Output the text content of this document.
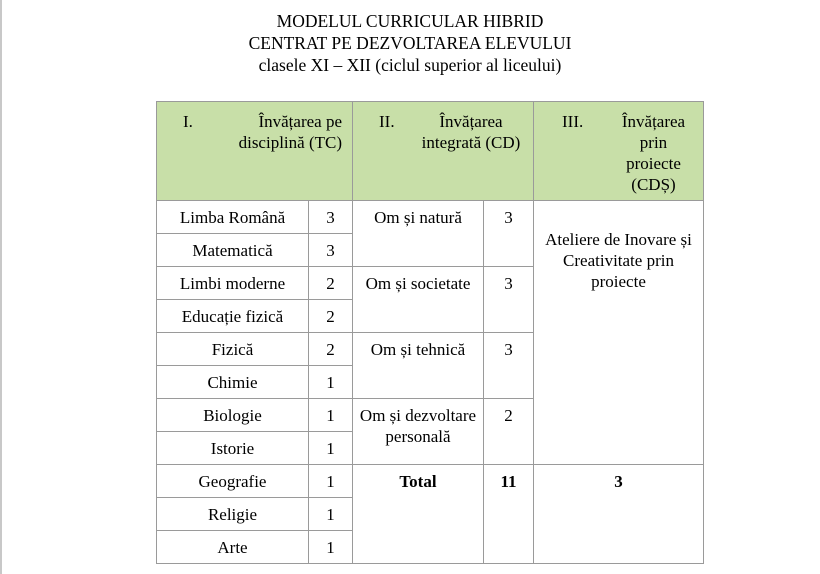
MODELUL CURRICULAR HIBRID
CENTRAT PE DEZVOLTAREA ELEVULUI
clasele XI – XII (ciclul superior al liceului)
I. Învățarea pe disciplină (TC)		II. Învățarea integrată (CD)		III. Învățarea prin proiecte (CDȘ)

Limba Română	3	Om și natură	3	Ateliere de Inovare și Creativitate prin proiecte

Matematică	3			

Limbi moderne	2	Om și societate	3	

Educație fizică	2			

Fizică	2	Om și tehnică	3	

Chimie	1			

Biologie	1	Om și dezvoltare personală	2	

Istorie	1			

Geografie	1	Total	11	3

Religie	1			

Arte	1			
